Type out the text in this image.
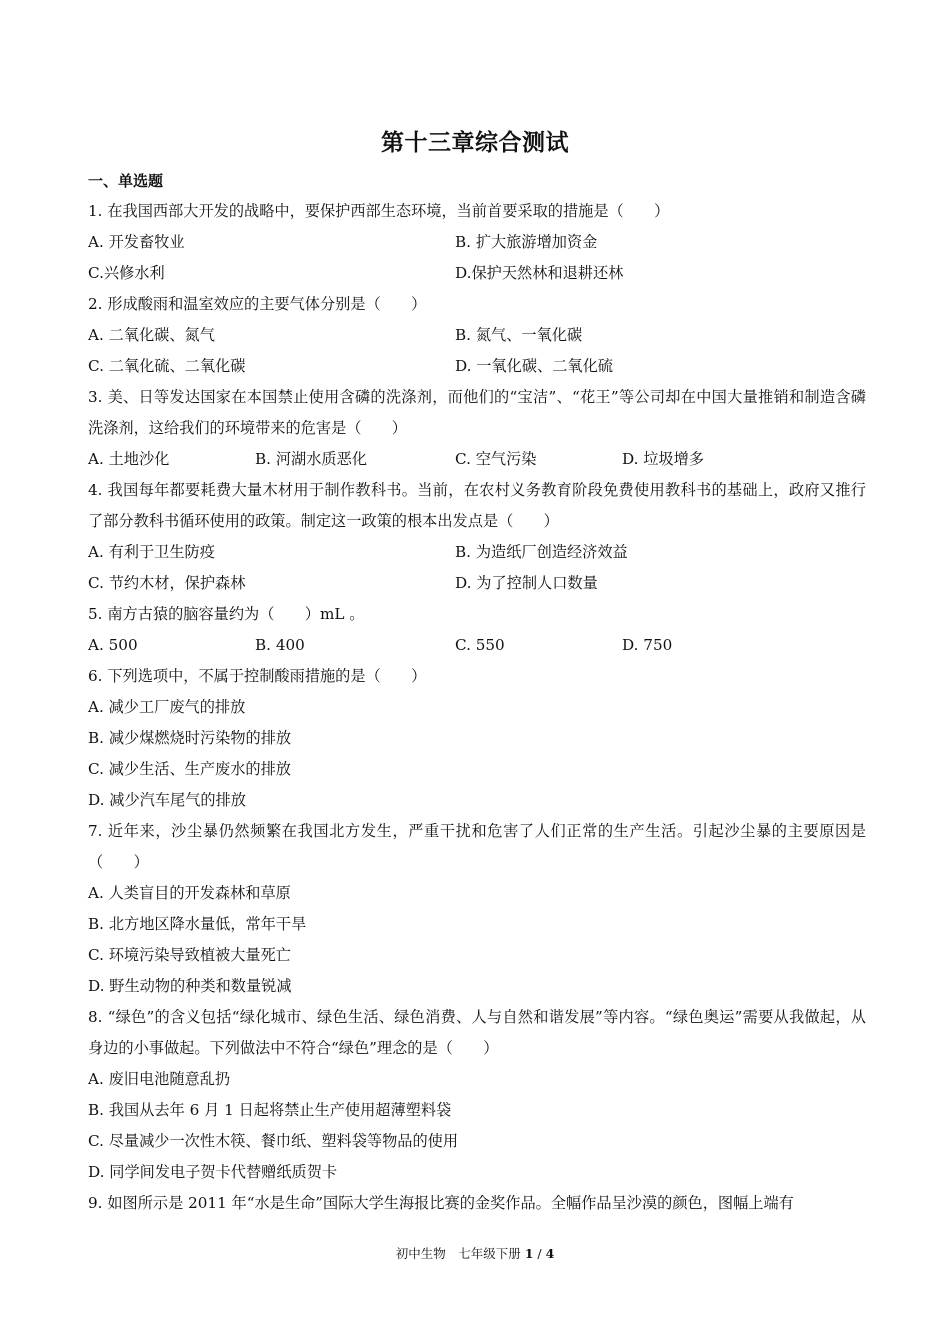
第十三章综合测试
一、单选题
1. 在我国西部大开发的战略中，要保护西部生态环境，当前首要采取的措施是（　　）
A. 开发畜牧业	B. 扩大旅游增加资金
C.兴修水利	D.保护天然林和退耕还林
2. 形成酸雨和温室效应的主要气体分别是（　　）
A. 二氧化碳、氮气	B. 氮气、一氧化碳
C. 二氧化硫、二氧化碳	D. 一氧化碳、二氧化硫
3. 美、日等发达国家在本国禁止使用含磷的洗涤剂，而他们的“宝洁”、“花王”等公司却在中国大量推销和制造含磷洗涤剂，这给我们的环境带来的危害是（　　）
A. 土地沙化	B. 河湖水质恶化	C. 空气污染	D. 垃圾增多
4. 我国每年都要耗费大量木材用于制作教科书。当前，在农村义务教育阶段免费使用教科书的基础上，政府又推行了部分教科书循环使用的政策。制定这一政策的根本出发点是（　　）
A. 有利于卫生防疫	B. 为造纸厂创造经济效益
C. 节约木材，保护森林	D. 为了控制人口数量
5. 南方古猿的脑容量约为（　　）mL 。
A. 500	B. 400	C. 550	D. 750
6. 下列选项中，不属于控制酸雨措施的是（　　）
A. 减少工厂废气的排放
B. 减少煤燃烧时污染物的排放
C. 减少生活、生产废水的排放
D. 减少汽车尾气的排放
7. 近年来，沙尘暴仍然频繁在我国北方发生，严重干扰和危害了人们正常的生产生活。引起沙尘暴的主要原因是（　　）
A. 人类盲目的开发森林和草原
B. 北方地区降水量低，常年干旱
C. 环境污染导致植被大量死亡
D. 野生动物的种类和数量锐减
8. “绿色”的含义包括“绿化城市、绿色生活、绿色消费、人与自然和谐发展”等内容。“绿色奥运”需要从我做起，从身边的小事做起。下列做法中不符合“绿色”理念的是（　　）
A. 废旧电池随意乱扔
B. 我国从去年 6 月 1 日起将禁止生产使用超薄塑料袋
C. 尽量减少一次性木筷、餐巾纸、塑料袋等物品的使用
D. 同学间发电子贺卡代替赠纸质贺卡
9. 如图所示是 2011 年“水是生命”国际大学生海报比赛的金奖作品。全幅作品呈沙漠的颜色，图幅上端有
初中生物　七年级下册 1 / 4
